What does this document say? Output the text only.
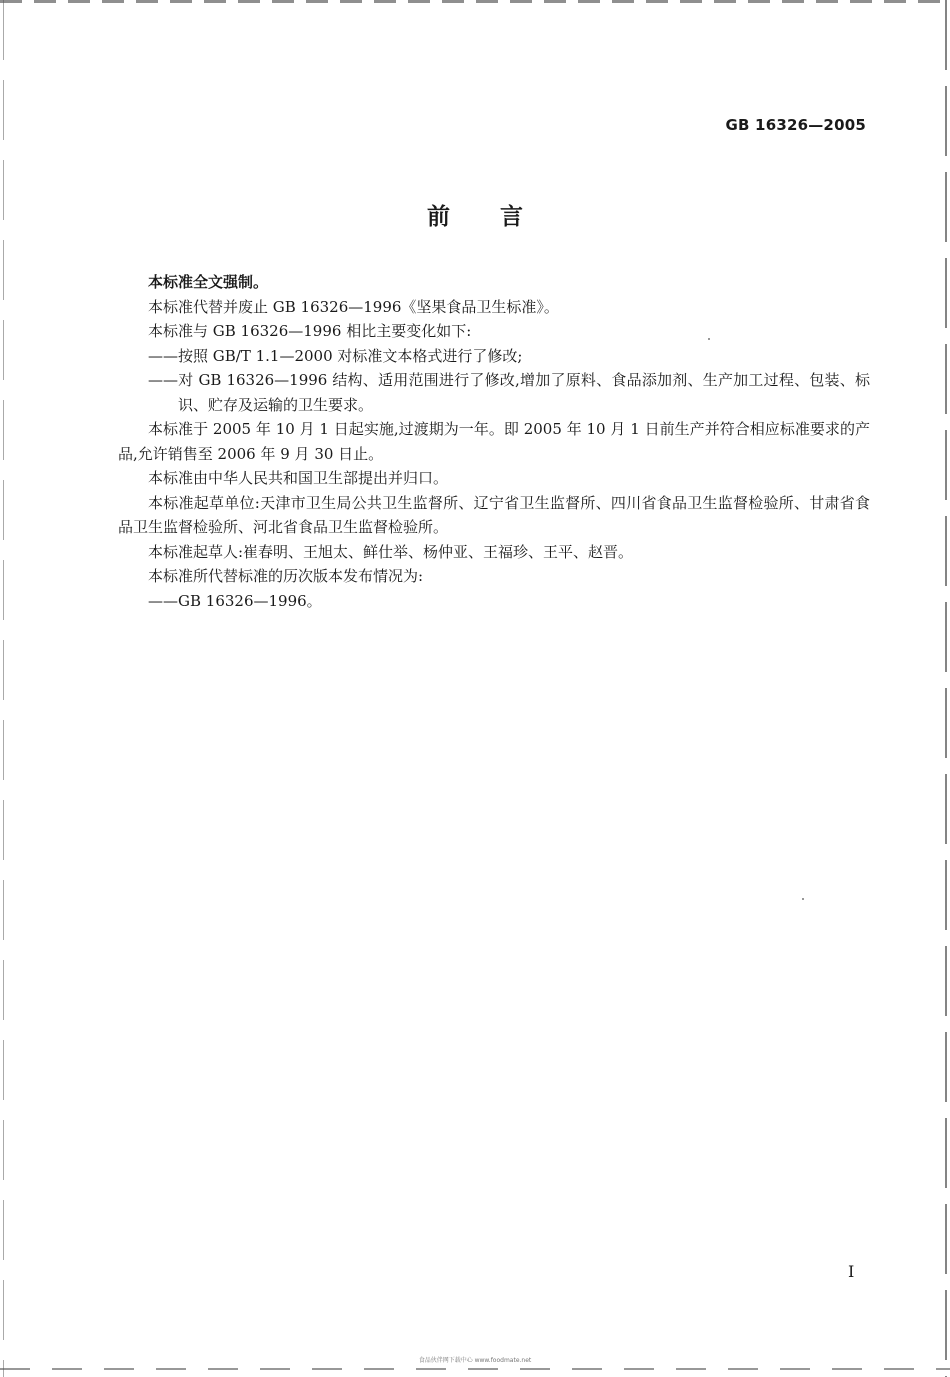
GB 16326—2005
前言

本标准全文强制。

本标准代替并废止 GB 16326—1996《坚果食品卫生标准》。

本标准与 GB 16326—1996 相比主要变化如下:

——按照 GB/T 1.1—2000 对标准文本格式进行了修改;

——对 GB 16326—1996 结构、适用范围进行了修改,增加了原料、食品添加剂、生产加工过程、包装、标识、贮存及运输的卫生要求。

本标准于 2005 年 10 月 1 日起实施,过渡期为一年。即 2005 年 10 月 1 日前生产并符合相应标准要求的产品,允许销售至 2006 年 9 月 30 日止。

本标准由中华人民共和国卫生部提出并归口。

本标准起草单位:天津市卫生局公共卫生监督所、辽宁省卫生监督所、四川省食品卫生监督检验所、甘肃省食品卫生监督检验所、河北省食品卫生监督检验所。

本标准起草人:崔春明、王旭太、鲜仕举、杨仲亚、王福珍、王平、赵晋。

本标准所代替标准的历次版本发布情况为:

——GB 16326—1996。

I
食品伙伴网下载中心 www.foodmate.net
